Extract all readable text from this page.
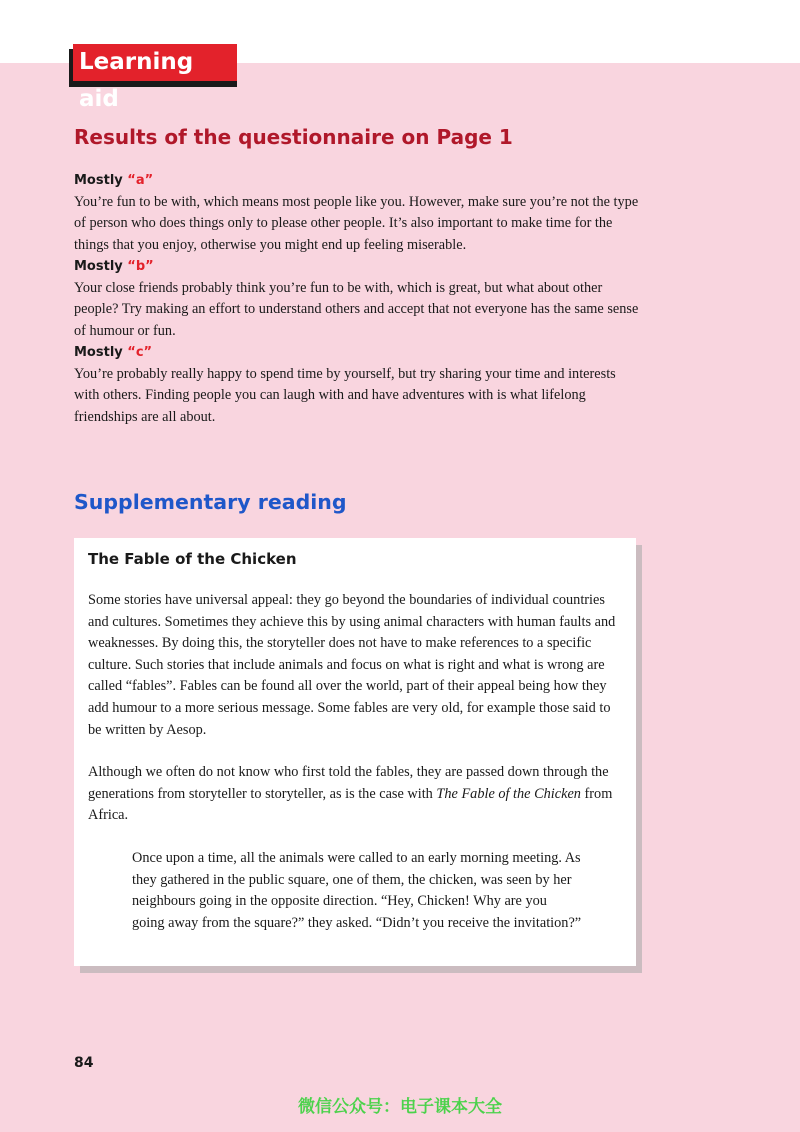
Learning aid
Results of the questionnaire on Page 1
Mostly “a”

You’re fun to be with, which means most people like you. However, make sure you’re not the type of person who does things only to please other people. It’s also important to make time for the things that you enjoy, otherwise you might end up feeling miserable.

Mostly “b”

Your close friends probably think you’re fun to be with, which is great, but what about other people? Try making an effort to understand others and accept that not everyone has the same sense of humour or fun.

Mostly “c”

You’re probably really happy to spend time by yourself, but try sharing your time and interests with others. Finding people you can laugh with and have adventures with is what lifelong friendships are all about.

Supplementary reading
The Fable of the Chicken

Some stories have universal appeal: they go beyond the boundaries of individual countries and cultures. Sometimes they achieve this by using animal characters with human faults and weaknesses. By doing this, the storyteller does not have to make references to a specific culture. Such stories that include animals and focus on what is right and what is wrong are called “fables”. Fables can be found all over the world, part of their appeal being how they add humour to a more serious message. Some fables are very old, for example those said to be written by Aesop.

Although we often do not know who first told the fables, they are passed down through the generations from storyteller to storyteller, as is the case with The Fable of the Chicken from Africa.

Once upon a time, all the animals were called to an early morning meeting. As they gathered in the public square, one of them, the chicken, was seen by her neighbours going in the opposite direction. “Hey, Chicken! Why are you going away from the square?” they asked. “Didn’t you receive the invitation?”

84
微信公众号：电子课本大全
